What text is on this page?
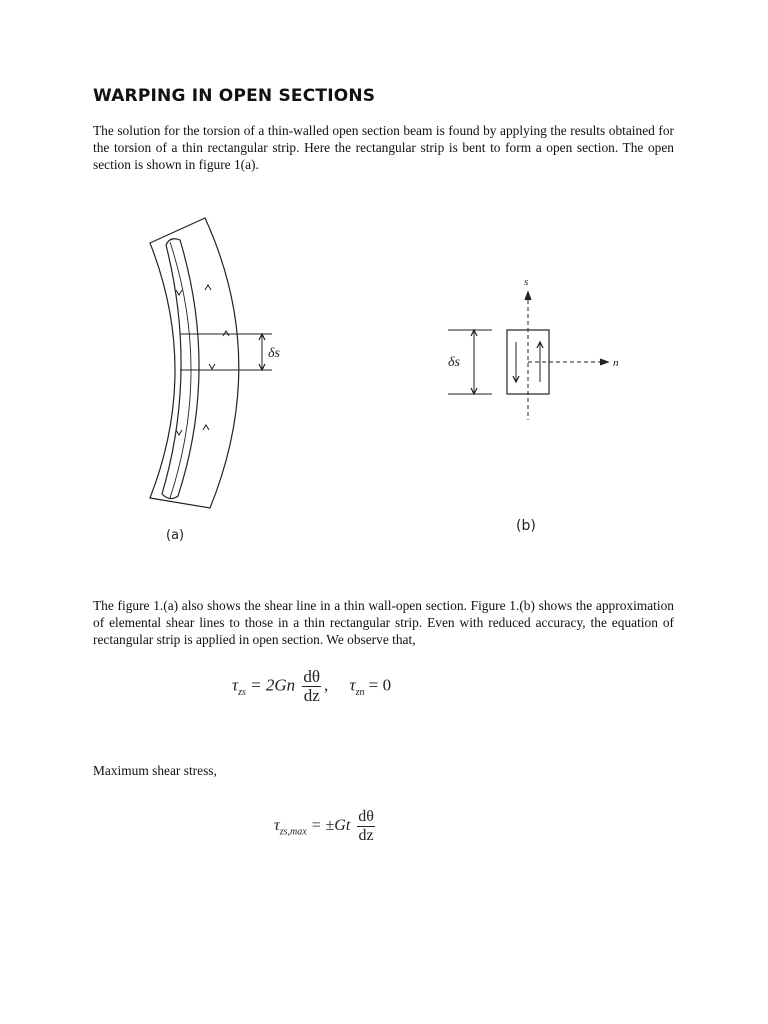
WARPING IN OPEN SECTIONS

The solution for the torsion of a thin-walled open section beam is found by applying the results obtained for the torsion of a thin rectangular strip. Here the rectangular strip is bent to form a open section. The open section is shown in figure 1(a).

δs
(a)
δs
s
n
(b)

The figure 1.(a) also shows the shear line in a thin wall-open section. Figure 1.(b) shows the approximation of elemental shear lines to those in a thin rectangular strip. Even with reduced accuracy, the equation of rectangular strip is applied in open section. We observe that,

$\tau_{zs} = 2Gn \frac{d\theta}{dz}$ , $\tau_{zn} = 0$

Maximum shear stress,

$\tau_{zs,max} = \pm Gt \frac{d\theta}{dz}$
